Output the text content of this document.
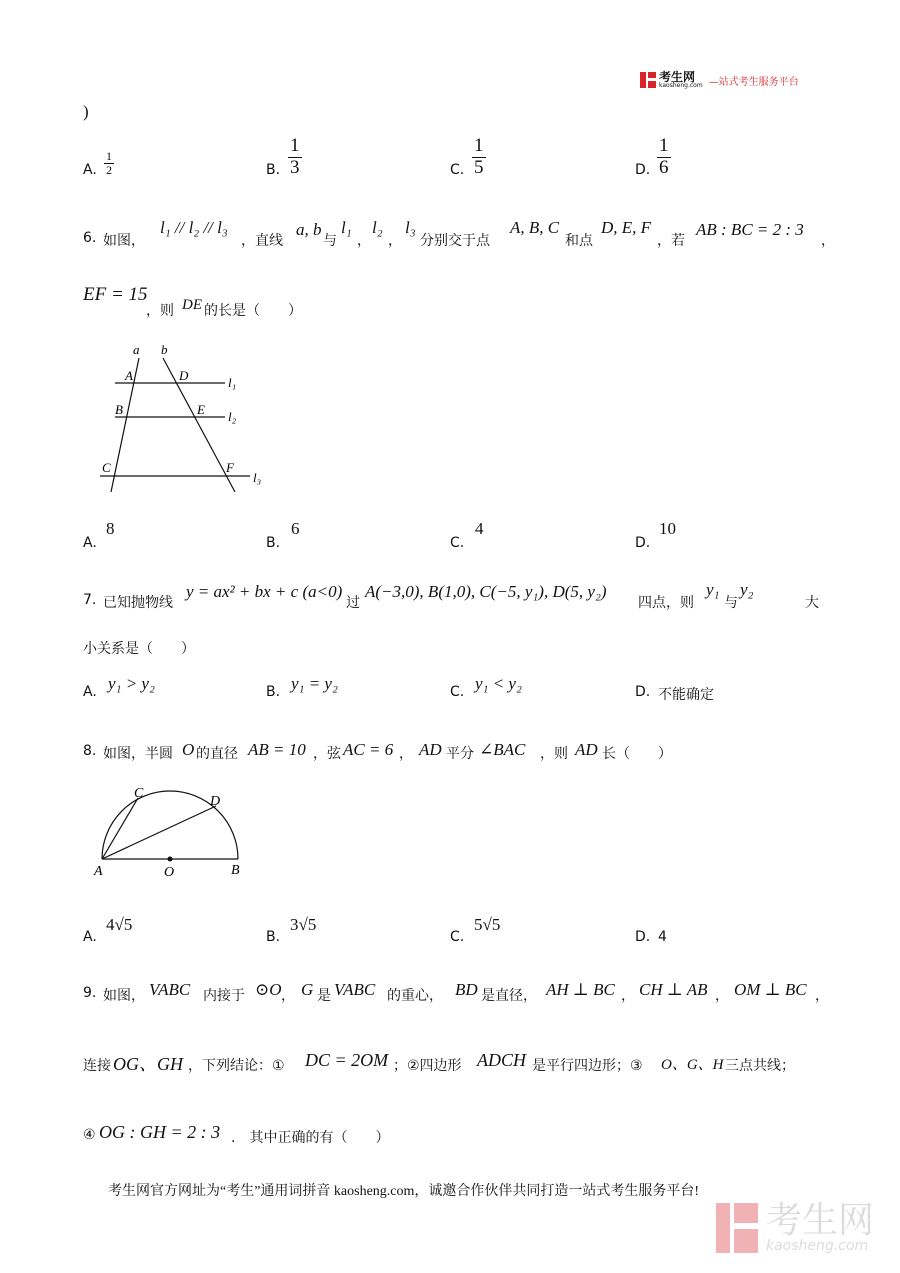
考生网
kaosheng.com —站式考生服务平台
)
A. $\frac{1}{2}$	B. $\frac{1}{3}$	C. $\frac{1}{5}$	D. $\frac{1}{6}$
6. 如图，
l₁ // l₂ // l₃
，直线
a, b
与
l₁
，
l₂
，
l₃
分别交于点
A, B, C
和点
D, E, F
，若
AB : BC = 2 : 3
，
EF = 15
，则 DE 的长是（　　）
a b
A	D
B	E
C	F
l₁
l₂
l₃
A.
8
B.
6
C.
4
D.
10
7. 已知抛物线
y = ax² + bx + c (a<0)
过
A(−3,0), B(1,0), C(−5, y₁), D(5, y₂)
四点，则
y₁
与
y₂
大
小关系是（　　）
A. y₁ > y₂	B. y₁ = y₂	C. y₁ < y₂	D. 不能确定
8. 如图，半圆 O 的直径 AB = 10 ，弦 AC = 6 ， AD 平分 ∠BAC ，则 AD 长（　　）
A	O	B
C
D
A.
4√5
B.
3√5
C.
5√5
D. 4
9. 如图， VABC 内接于 ⊙O ， G 是 VABC 的重心， BD 是直径， AH ⊥ BC ， CH ⊥ AB ， OM ⊥ BC ，
连接 OG、GH ，下列结论：① DC = 2OM ；②四边形 ADCH 是平行四边形；③ O、G、H 三点共线；
④ OG : GH = 2 : 3 .　其中正确的有（　　）
考生网官方网址为“考生”通用词拼音 kaosheng.com，诚邀合作伙伴共同打造一站式考生服务平台!
考生网
kaosheng.com
